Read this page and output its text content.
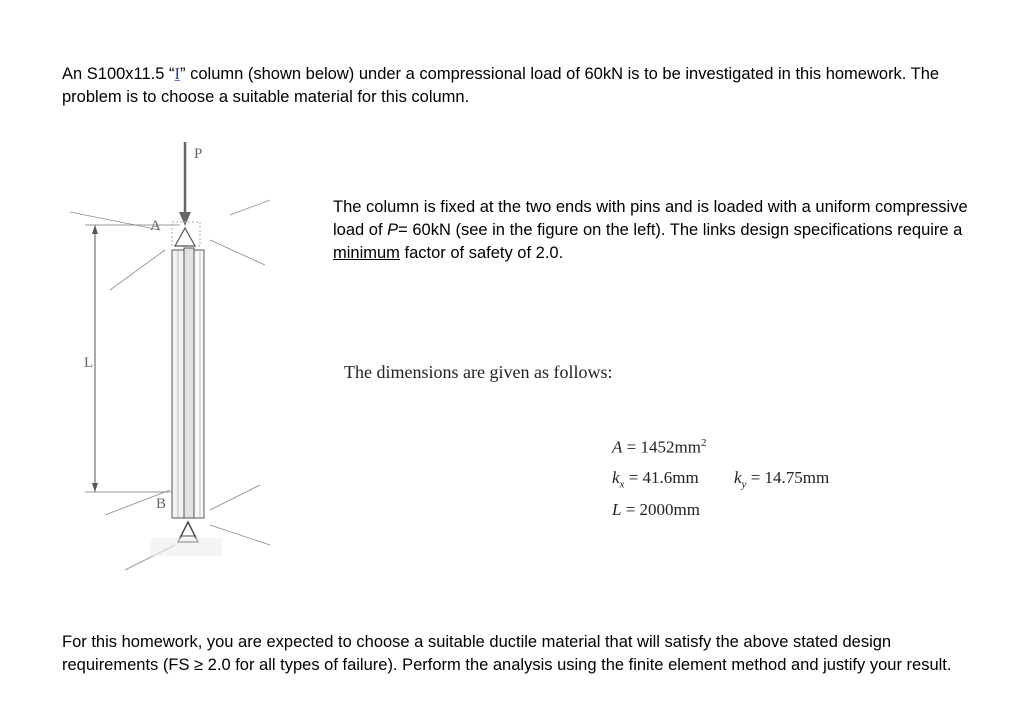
An S100x11.5 “I” column (shown below) under a compressional load of 60kN is to be investigated in this homework. The problem is to choose a suitable material for this column.

P
A
B
L

The column is fixed at the two ends with pins and is loaded with a uniform compressive load of P= 60kN (see in the figure on the left). The links design specifications require a minimum factor of safety of 2.0.

The dimensions are given as follows:

$A = 1452mm^2$
$k_x = 41.6mm$ $k_y = 14.75mm$
L = 2000mm

For this homework, you are expected to choose a suitable ductile material that will satisfy the above stated design requirements (FS ≥ 2.0 for all types of failure). Perform the analysis using the finite element method and justify your result.
